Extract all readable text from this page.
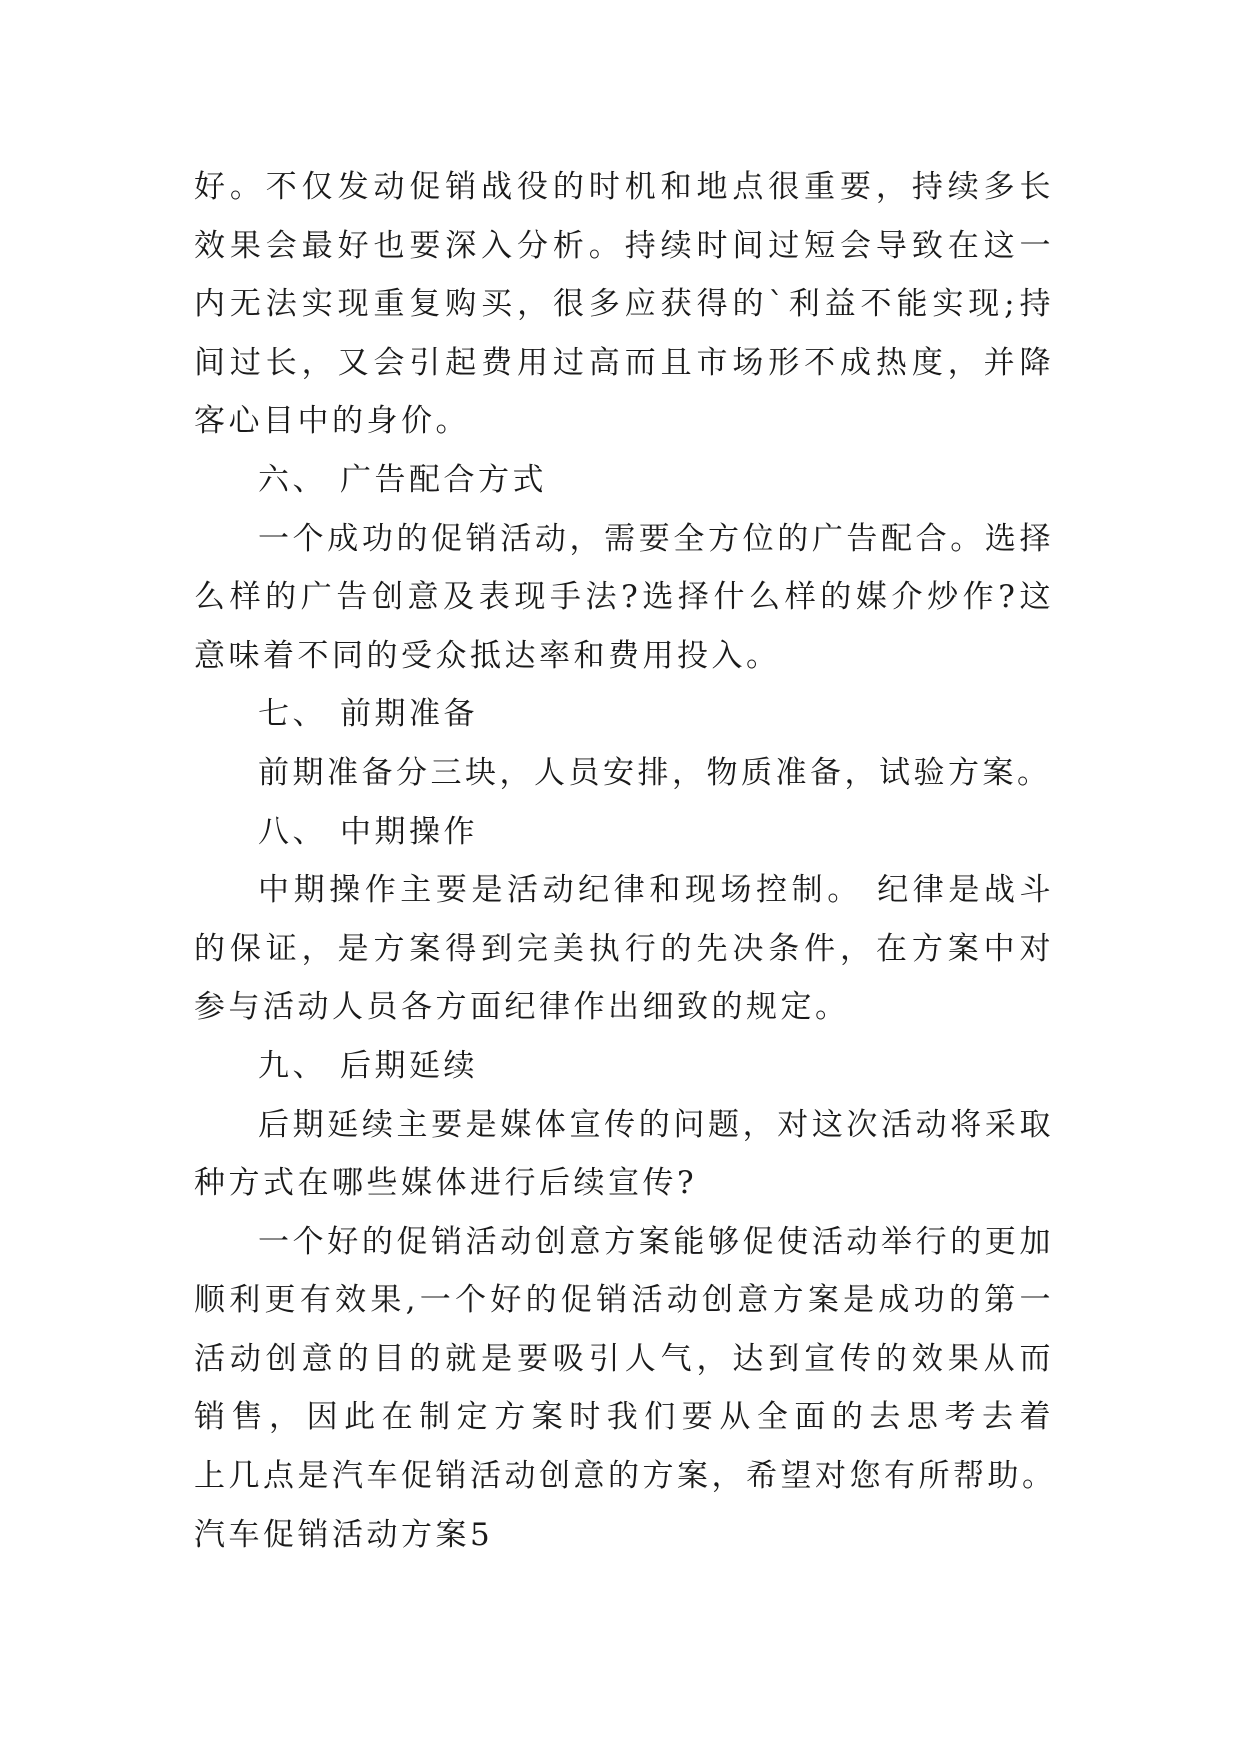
好。不仅发动促销战役的时机和地点很重要，持续多长
效果会最好也要深入分析。持续时间过短会导致在这一
内无法实现重复购买，很多应获得的`利益不能实现;持
间过长，又会引起费用过高而且市场形不成热度，并降
客心目中的身价。
六、 广告配合方式
一个成功的促销活动，需要全方位的广告配合。选择
么样的广告创意及表现手法?选择什么样的媒介炒作?这
意味着不同的受众抵达率和费用投入。
七、 前期准备
前期准备分三块，人员安排，物质准备，试验方案。
八、 中期操作
中期操作主要是活动纪律和现场控制。 纪律是战斗
的保证，是方案得到完美执行的先决条件，在方案中对
参与活动人员各方面纪律作出细致的规定。
九、 后期延续
后期延续主要是媒体宣传的问题，对这次活动将采取
种方式在哪些媒体进行后续宣传?
一个好的促销活动创意方案能够促使活动举行的更加
顺利更有效果,一个好的促销活动创意方案是成功的第一
活动创意的目的就是要吸引人气，达到宣传的效果从而
销售，因此在制定方案时我们要从全面的去思考去着
上几点是汽车促销活动创意的方案，希望对您有所帮助。
汽车促销活动方案5
